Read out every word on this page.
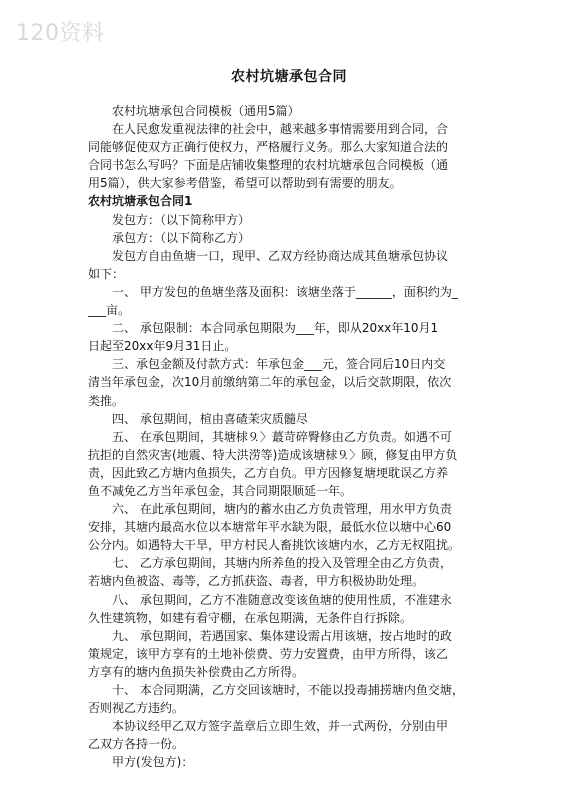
120资料
农村坑塘承包合同

农村坑塘承包合同模板（通用5篇）

在人民愈发重视法律的社会中，越来越多事情需要用到合同，合

同能够促使双方正确行使权力，严格履行义务。那么大家知道合法的

合同书怎么写吗？下面是店铺收集整理的农村坑塘承包合同模板（通

用5篇），供大家参考借鉴，希望可以帮助到有需要的朋友。

农村坑塘承包合同1

发包方：（以下简称甲方）

承包方：（以下简称乙方）

发包方自由鱼塘一口，现甲、乙双方经协商达成其鱼塘承包协议

如下：

一、 甲方发包的鱼塘坐落及面积：该塘坐落于______，面积约为_

___亩。

二、 承包限制：本合同承包期限为___年，即从20xx年10月1

日起至20xx年9月31日止。

三、承包金额及付款方式：年承包金___元，签合同后10日内交

清当年承包金，次10月前缴纳第二年的承包金，以后交款期限，依次

类推。

四、 承包期间，楦由喜碴茉灾质髓尽

五、 在承包期间，其塘梂⒐〉蕞苛碎臀修由乙方负责。如遇不可

抗拒的自然灾害(地震、特大洪涝等)造成该塘梂⒐〉顾，修复由甲方负

责，因此致乙方塘内鱼损失，乙方自负。甲方因修复塘埂耽误乙方养

鱼不减免乙方当年承包金，其合同期限顺延一年。

六、 在此承包期间，塘内的蓄水由乙方负责管理，用水甲方负责

安排，其塘内最高水位以本塘常年平水缺为限，最低水位以塘中心60

公分内。如遇特大干旱，甲方村民人畜挑饮该塘内水，乙方无权阻扰。

七、 乙方承包期间，其塘内所养鱼的投入及管理全由乙方负责，

若塘内鱼被盗、毒等，乙方抓获盗、毒者，甲方积极协助处理。

八、 承包期间，乙方不准随意改变该鱼塘的使用性质，不准建永

久性建筑物，如建有看守棚，在承包期满，无条件自行拆除。

九、 承包期间，若遇国家、集体建设需占用该塘，按占地时的政

策规定，该甲方享有的土地补偿费、劳力安置费，由甲方所得，该乙

方享有的塘内鱼损失补偿费由乙方所得。

十、 本合同期满，乙方交回该塘时，不能以投毒捕捞塘内鱼交塘，

否则视乙方违约。

本协议经甲乙双方签字盖章后立即生效，并一式两份，分别由甲

乙双方各持一份。

甲方(发包方)：
